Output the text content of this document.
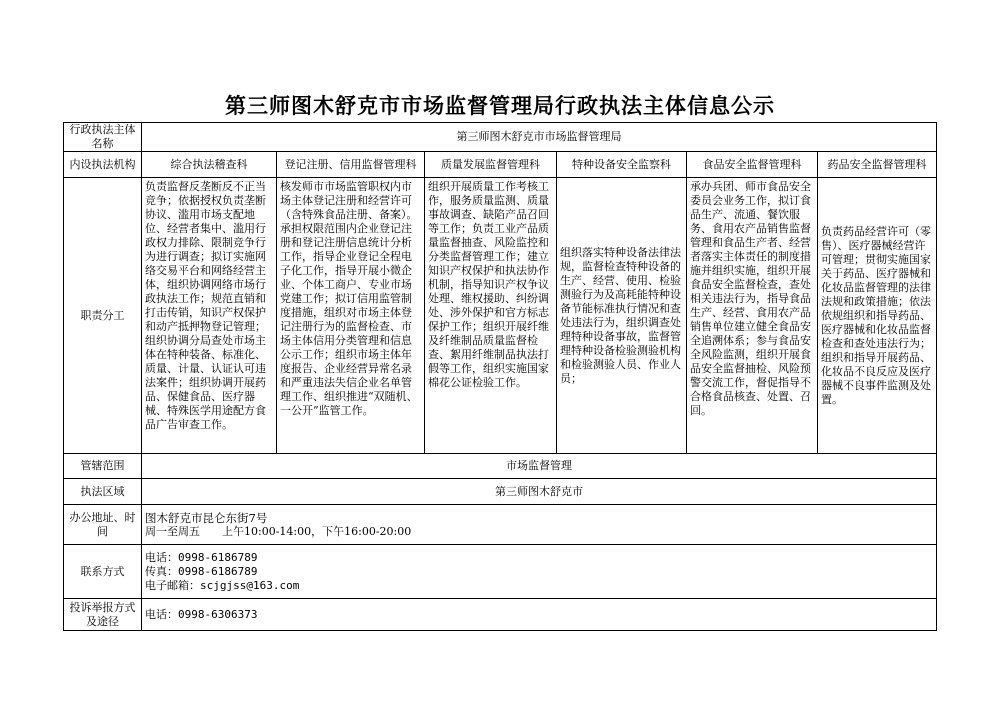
第三师图木舒克市市场监督管理局行政执法主体信息公示
行政执法主体名称	第三师图木舒克市市场监督管理局					
内设执法机构	综合执法稽查科	登记注册、信用监督管理科	质量发展监督管理科	特种设备安全监察科	食品安全监督管理科	药品安全监督管理科
职责分工	负责监督反垄断反不正当竞争；依据授权负责垄断协议、滥用市场支配地位、经营者集中、滥用行政权力排除、限制竞争行为进行调查；拟订实施网络交易平台和网络经营主体，组织协调网络市场行政执法工作；规范直销和打击传销，知识产权保护和动产抵押物登记管理；组织协调分局查处市场主体在特种装备、标准化、质量、计量、认证认可违法案件；组织协调开展药品、保健食品、医疗器械、特殊医学用途配方食品广告审查工作。	核发师市市场监管职权内市场主体登记注册和经营许可（含特殊食品注册、备案）。承担权限范围内企业登记注册和登记注册信息统计分析工作，指导企业登记全程电子化工作，指导开展小微企业、个体工商户、专业市场党建工作；拟订信用监管制度措施，组织对市场主体登记注册行为的监督检查、市场主体信用分类管理和信息公示工作；组织市场主体年度报告、企业经营异常名录和严重违法失信企业名单管理工作、组织推进“双随机、一公开”监管工作。	组织开展质量工作考核工作，服务质量监测、质量事故调查、缺陷产品召回等工作；负责工业产品质量监督抽查、风险监控和分类监督管理工作；建立知识产权保护和执法协作机制，指导知识产权争议处理、维权援助、纠纷调处、涉外保护和官方标志保护工作；组织开展纤维及纤维制品质量监督检查、絮用纤维制品执法打假等工作，组织实施国家棉花公证检验工作。	组织落实特种设备法律法规，监督检查特种设备的生产、经营、使用、检验测验行为及高耗能特种设备节能标准执行情况和查处违法行为，组织调查处理特种设备事故，监督管理特种设备检验测验机构和检验测验人员、作业人员；	承办兵团、师市食品安全委员会业务工作，拟订食品生产、流通、餐饮服务、食用农产品销售监督管理和食品生产者、经营者落实主体责任的制度措施并组织实施，组织开展食品安全监督检查，查处相关违法行为，指导食品生产、经营、食用农产品销售单位建立健全食品安全追溯体系；参与食品安全风险监测，组织开展食品安全监督抽检、风险预警交流工作，督促指导不合格食品核查、处置、召回。	负责药品经营许可（零售）、医疗器械经营许可管理；贯彻实施国家关于药品、医疗器械和化妆品监督管理的法律法规和政策措施；依法依规组织和指导药品、医疗器械和化妆品监督检查和查处违法行为；组织和指导开展药品、化妆品不良反应及医疗器械不良事件监测及处置。
管辖范围	市场监督管理					
执法区域	第三师图木舒克市					
办公地址、时间	图木舒克市昆仑东街7号
周一至周五　　上午10:00-14:00，下午16:00-20:00					

联系方式	电话：0998-6186789
传真：0998-6186789
电子邮箱：scjgjss@163.com					

投诉举报方式及途径	电话：0998-6306373					
